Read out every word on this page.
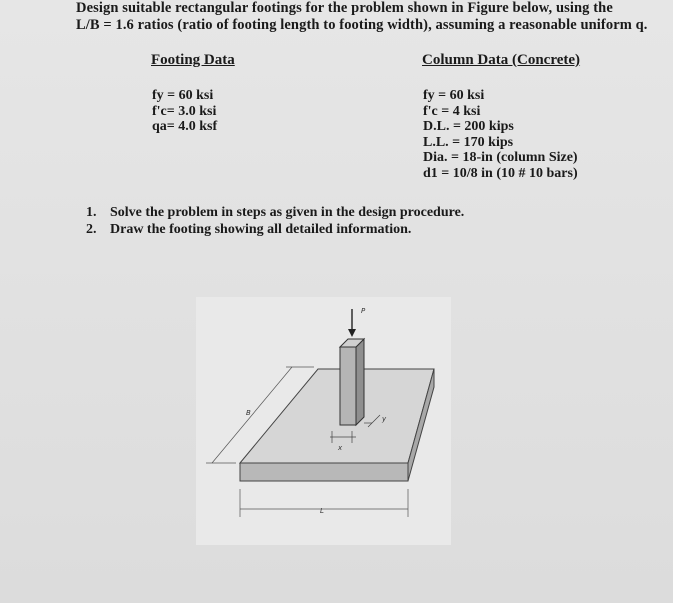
Design suitable rectangular footings for the problem shown in Figure below, using the
L/B = 1.6 ratios (ratio of footing length to footing width), assuming a reasonable uniform q.
Footing Data	Column Data (Concrete)
fy = 60 ksi
f'c= 3.0 ksi
qa= 4.0 ksf
fy = 60 ksi
f'c = 4 ksi
D.L. = 200 kips
L.L. = 170 kips
Dia. = 18-in (column Size)
d1 = 10/8 in (10 # 10 bars)
1. Solve the problem in steps as given in the design procedure.
2. Draw the footing showing all detailed information.
P
x
y
B
L
